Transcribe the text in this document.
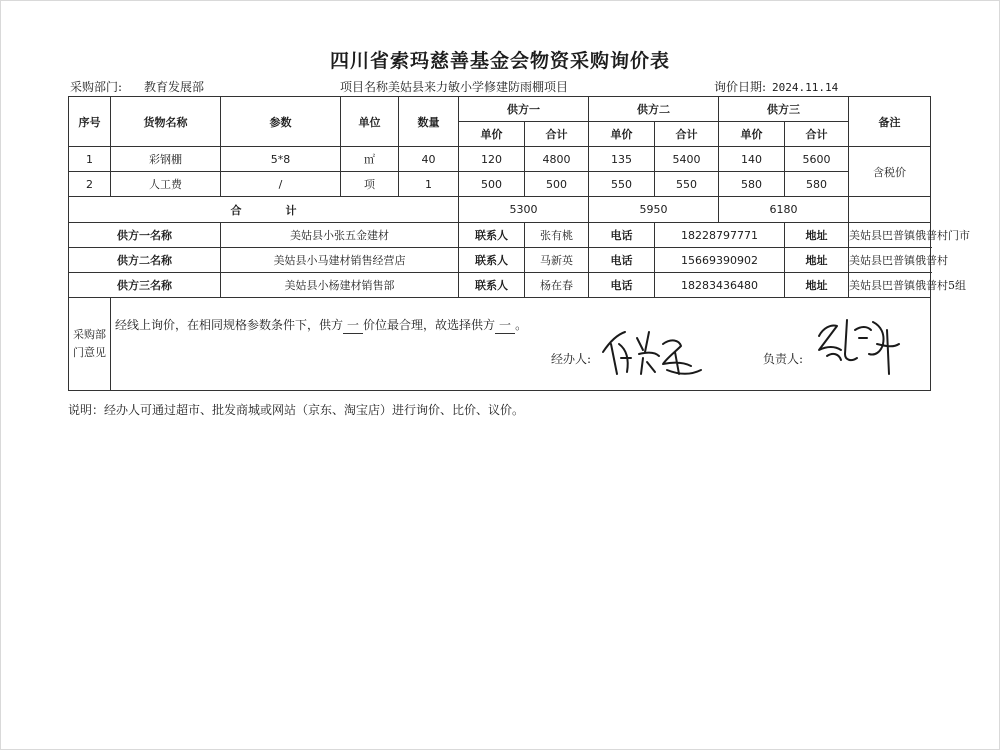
四川省索玛慈善基金会物资采购询价表
采购部门: 教育发展部	项目名称美姑县来力敏小学修建防雨棚项目	询价日期: 2024.11.14
序号	货物名称	参数	单位	数量	供方一		供方二		供方三		备注
					单价	合计	单价	合计	单价	合计	
1	彩钢棚	5*8	㎡	40	120	4800	135	5400	140	5600	含税价
2	人工费	/	项	1	500	500	550	550	580	580	
合 计					5300		5950		6180		
供方一名称		美姑县小张五金建材			联系人	张有桃	电话	18228797771		地址	美姑县巴普镇俄普村门市
供方二名称		美姑县小马建材销售经营店			联系人	马新英	电话	15669390902		地址	美姑县巴普镇俄普村
供方三名称		美姑县小杨建材销售部			联系人	杨在春	电话	18283436480		地址	美姑县巴普镇俄普村5组
采购部门意见	经线上询价，在相同规格参数条件下，供方 一 价位最合理，故选择供方 一 。
经办人: 负责人:										
说明：经办人可通过超市、批发商城或网站（京东、淘宝店）进行询价、比价、议价。
